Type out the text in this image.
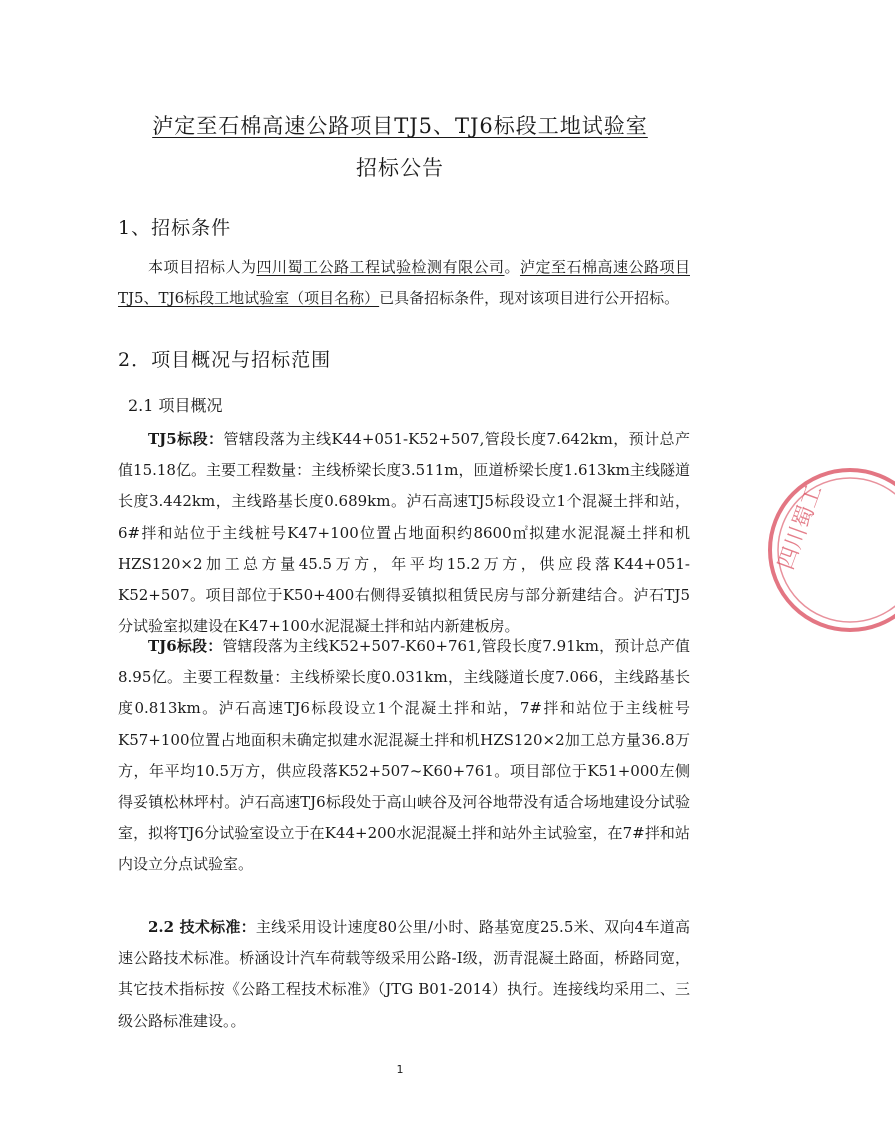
泸定至石棉高速公路项目TJ5、TJ6标段工地试验室
招标公告
1、招标条件

本项目招标人为四川蜀工公路工程试验检测有限公司。泸定至石棉高速公路项目TJ5、TJ6标段工地试验室（项目名称）已具备招标条件，现对该项目进行公开招标。

2．项目概况与招标范围
2.1 项目概况

TJ5标段：管辖段落为主线K44+051-K52+507,管段长度7.642km，预计总产值15.18亿。主要工程数量：主线桥梁长度3.511m，匝道桥梁长度1.613km主线隧道长度3.442km，主线路基长度0.689km。泸石高速TJ5标段设立1个混凝土拌和站，6#拌和站位于主线桩号K47+100位置占地面积约8600㎡拟建水泥混凝土拌和机HZS120×2加工总方量45.5万方，年平均15.2万方，供应段落K44+051-K52+507。项目部位于K50+400右侧得妥镇拟租赁民房与部分新建结合。泸石TJ5分试验室拟建设在K47+100水泥混凝土拌和站内新建板房。

TJ6标段：管辖段落为主线K52+507-K60+761,管段长度7.91km，预计总产值8.95亿。主要工程数量：主线桥梁长度0.031km，主线隧道长度7.066，主线路基长度0.813km。泸石高速TJ6标段设立1个混凝土拌和站，7#拌和站位于主线桩号K57+100位置占地面积未确定拟建水泥混凝土拌和机HZS120×2加工总方量36.8万方，年平均10.5万方，供应段落K52+507~K60+761。项目部位于K51+000左侧得妥镇松林坪村。泸石高速TJ6标段处于高山峡谷及河谷地带没有适合场地建设分试验室，拟将TJ6分试验室设立于在K44+200水泥混凝土拌和站外主试验室，在7#拌和站内设立分点试验室。

2.2 技术标准：主线采用设计速度80公里/小时、路基宽度25.5米、双向4车道高速公路技术标准。桥涵设计汽车荷载等级采用公路-Ⅰ级，沥青混凝土路面，桥路同宽，其它技术指标按《公路工程技术标准》（JTG B01-2014）执行。连接线均采用二、三级公路标准建设。。

1
四川蜀工
